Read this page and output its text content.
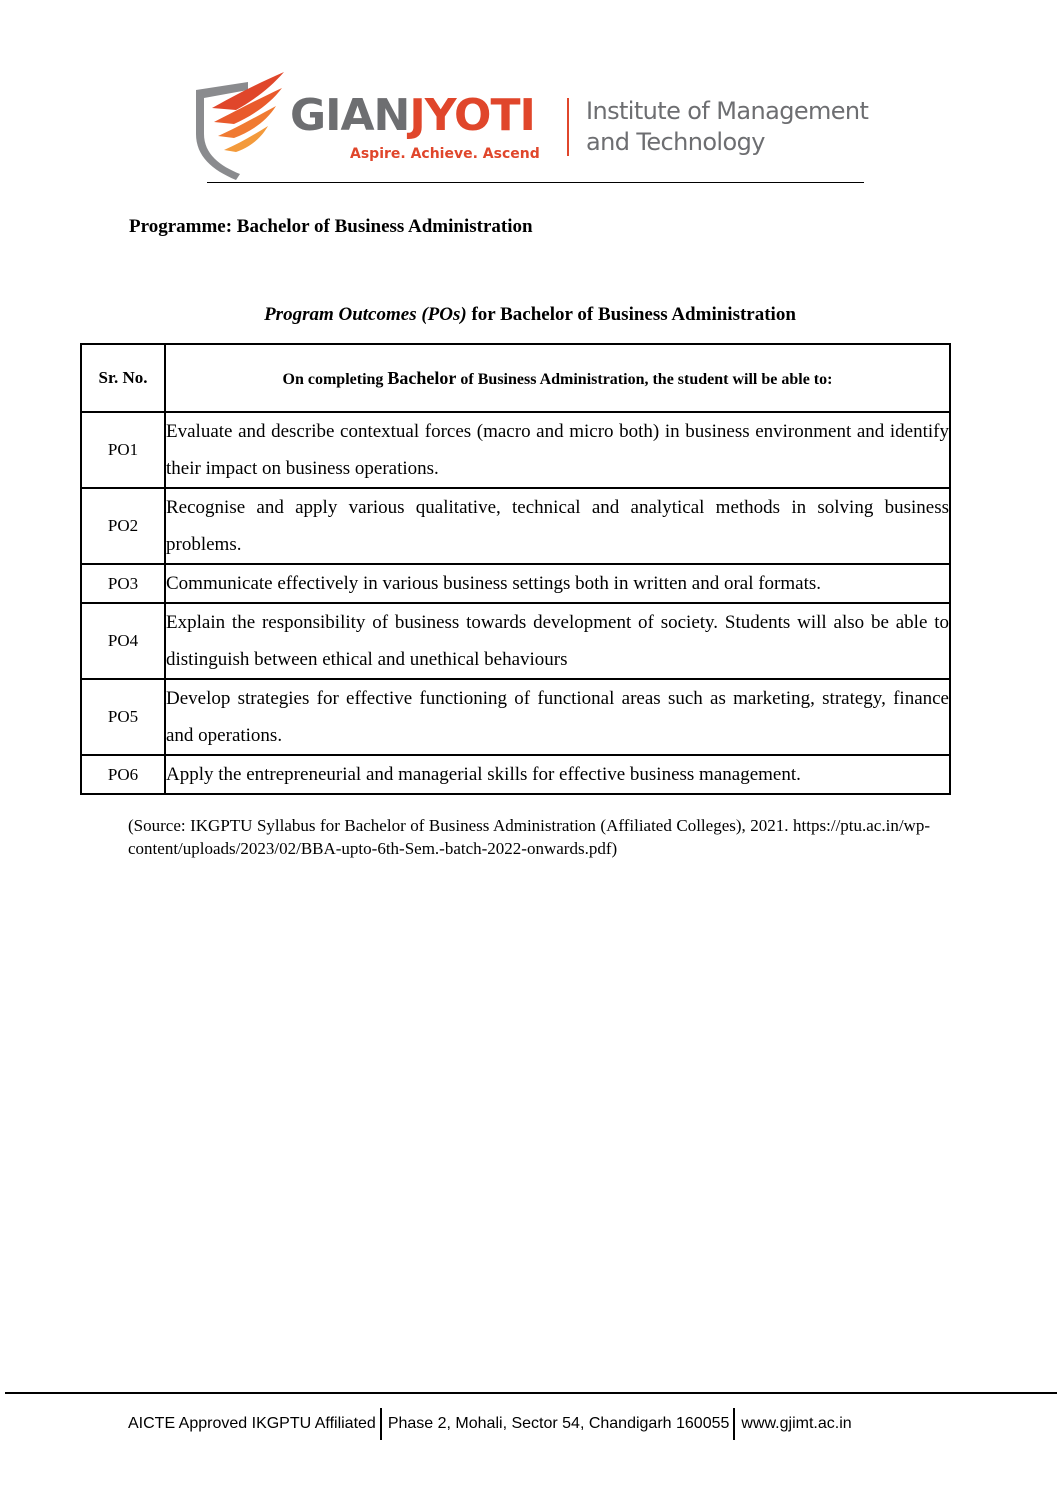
GIANJYOTI
Aspire. Achieve. Ascend
Institute of Management
and Technology
Programme: Bachelor of Business Administration
Program Outcomes (POs) for Bachelor of Business Administration
Sr. No.	On completing Bachelor of Business Administration, the student will be able to:
PO1	Evaluate and describe contextual forces (macro and micro both) in business environment and identify their impact on business operations.
PO2	Recognise and apply various qualitative, technical and analytical methods in solving business problems.
PO3	Communicate effectively in various business settings both in written and oral formats.
PO4	Explain the responsibility of business towards development of society. Students will also be able to distinguish between ethical and unethical behaviours
PO5	Develop strategies for effective functioning of functional areas such as marketing, strategy, finance and operations.
PO6	Apply the entrepreneurial and managerial skills for effective business management.
(Source: IKGPTU Syllabus for Bachelor of Business Administration (Affiliated Colleges), 2021. https://ptu.ac.in/wp-content/uploads/2023/02/BBA-upto-6th-Sem.-batch-2022-onwards.pdf)
AICTE Approved IKGPTU Affiliated Phase 2, Mohali, Sector 54, Chandigarh 160055 www.gjimt.ac.in
